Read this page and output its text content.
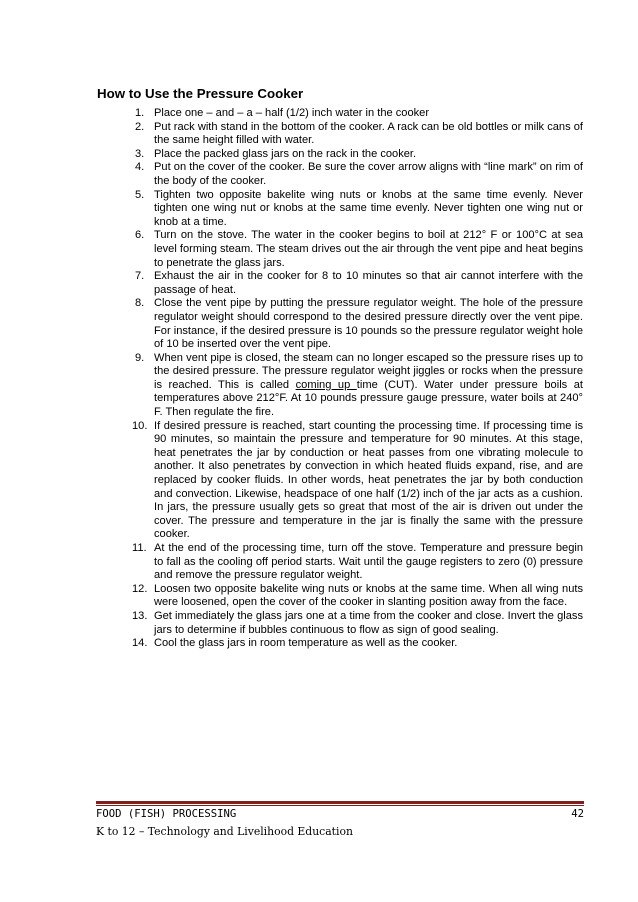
How to Use the Pressure Cooker
1. Place one – and – a – half (1/2) inch water in the cooker
2. Put rack with stand in the bottom of the cooker. A rack can be old bottles or milk cans of the same height filled with water.
3. Place the packed glass jars on the rack in the cooker.
4. Put on the cover of the cooker. Be sure the cover arrow aligns with “line mark” on rim of the body of the cooker.
5. Tighten two opposite bakelite wing nuts or knobs at the same time evenly. Never tighten one wing nut or knobs at the same time evenly. Never tighten one wing nut or knob at a time.
6. Turn on the stove. The water in the cooker begins to boil at 212° F or 100°C at sea level forming steam. The steam drives out the air through the vent pipe and heat begins to penetrate the glass jars.
7. Exhaust the air in the cooker for 8 to 10 minutes so that air cannot interfere with the passage of heat.
8. Close the vent pipe by putting the pressure regulator weight. The hole of the pressure regulator weight should correspond to the desired pressure directly over the vent pipe. For instance, if the desired pressure is 10 pounds so the pressure regulator weight hole of 10 be inserted over the vent pipe.
9. When vent pipe is closed, the steam can no longer escaped so the pressure rises up to the desired pressure. The pressure regulator weight jiggles or rocks when the pressure is reached. This is called coming up time (CUT). Water under pressure boils at temperatures above 212°F. At 10 pounds pressure gauge pressure, water boils at 240° F. Then regulate the fire.
10. If desired pressure is reached, start counting the processing time. If processing time is 90 minutes, so maintain the pressure and temperature for 90 minutes. At this stage, heat penetrates the jar by conduction or heat passes from one vibrating molecule to another. It also penetrates by convection in which heated fluids expand, rise, and are replaced by cooker fluids. In other words, heat penetrates the jar by both conduction and convection. Likewise, headspace of one half (1/2) inch of the jar acts as a cushion. In jars, the pressure usually gets so great that most of the air is driven out under the cover. The pressure and temperature in the jar is finally the same with the pressure cooker.
11. At the end of the processing time, turn off the stove. Temperature and pressure begin to fall as the cooling off period starts. Wait until the gauge registers to zero (0) pressure and remove the pressure regulator weight.
12. Loosen two opposite bakelite wing nuts or knobs at the same time. When all wing nuts were loosened, open the cover of the cooker in slanting position away from the face.
13. Get immediately the glass jars one at a time from the cooker and close. Invert the glass jars to determine if bubbles continuous to flow as sign of good sealing.
14. Cool the glass jars in room temperature as well as the cooker.
FOOD (FISH) PROCESSING	42
K to 12 – Technology and Livelihood Education
